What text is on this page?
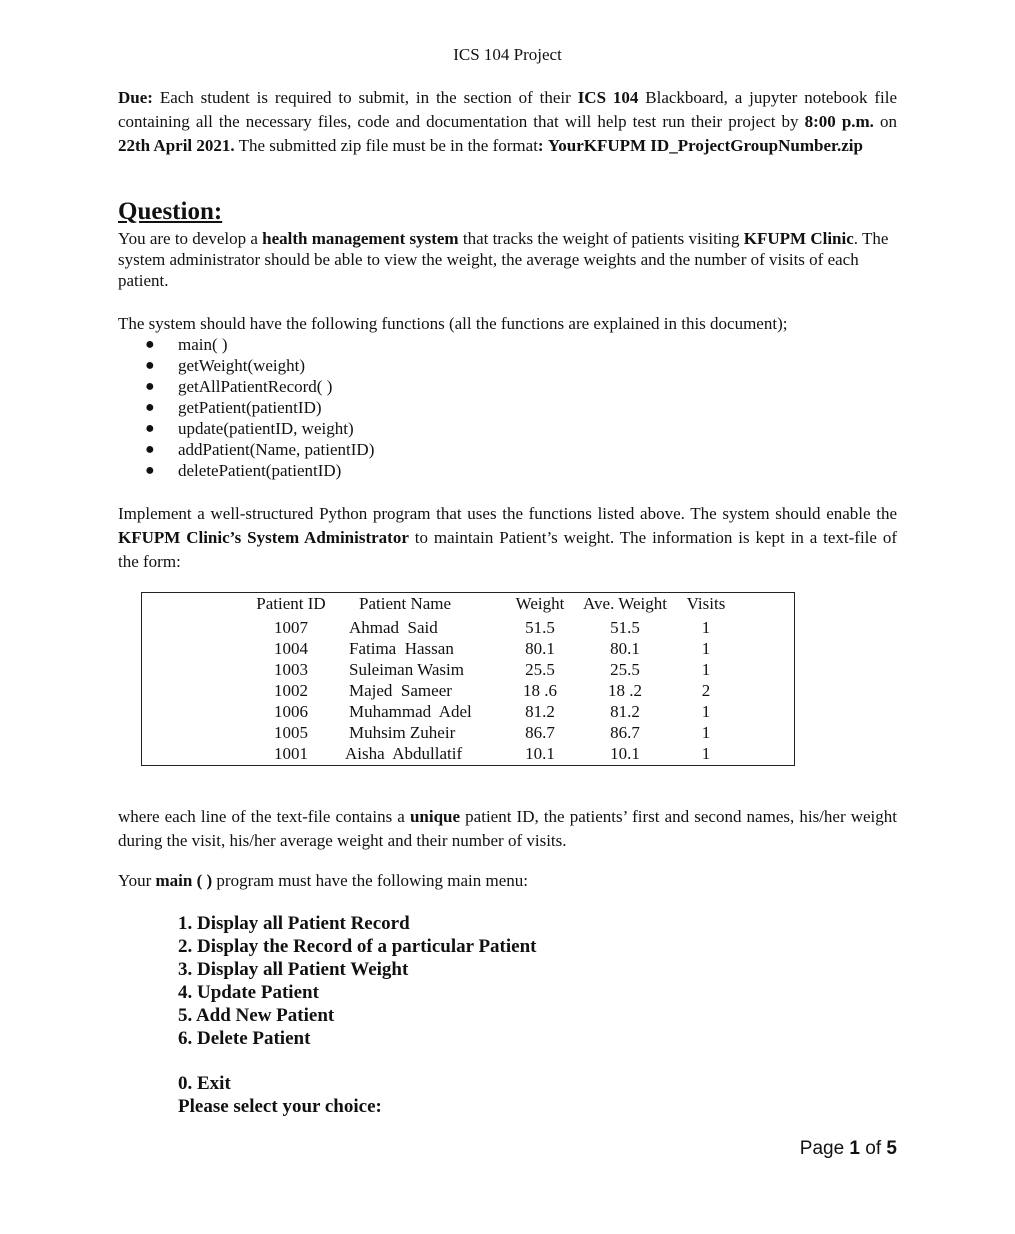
ICS 104 Project
Due: Each student is required to submit, in the section of their ICS 104 Blackboard, a jupyter notebook file containing all the necessary files, code and documentation that will help test run their project by 8:00 p.m. on 22th April 2021. The submitted zip file must be in the format: YourKFUPM ID_ProjectGroupNumber.zip
Question:
You are to develop a health management system that tracks the weight of patients visiting KFUPM Clinic. The system administrator should be able to view the weight, the average weights and the number of visits of each patient.
The system should have the following functions (all the functions are explained in this document);
● main( )
● getWeight(weight)
● getAllPatientRecord( )
● getPatient(patientID)
● update(patientID, weight)
● addPatient(Name, patientID)
● deletePatient(patientID)
Implement a well-structured Python program that uses the functions listed above. The system should enable the KFUPM Clinic’s System Administrator to maintain Patient’s weight. The information is kept in a text-file of the form:
Patient ID Patient Name	Weight	Ave. Weight	Visits
1007	Ahmad  Said	51.5	51.5	1
1004	Fatima  Hassan	80.1	80.1	1
1003	Suleiman Wasim	25.5	25.5	1
1002	Majed  Sameer	18 .6	18 .2	2
1006	Muhammad  Adel	81.2	81.2	1
1005	Muhsim Zuheir	86.7	86.7	1
1001	Aisha  Abdullatif	10.1	10.1	1
where each line of the text-file contains a unique patient ID, the patients’ first and second names, his/her weight during the visit, his/her average weight and their number of visits.
Your main ( ) program must have the following main menu:
1. Display all Patient Record
2. Display the Record of a particular Patient
3. Display all Patient Weight
4. Update Patient
5. Add New Patient
6. Delete Patient
0. Exit
Please select your choice:
Page 1 of 5
